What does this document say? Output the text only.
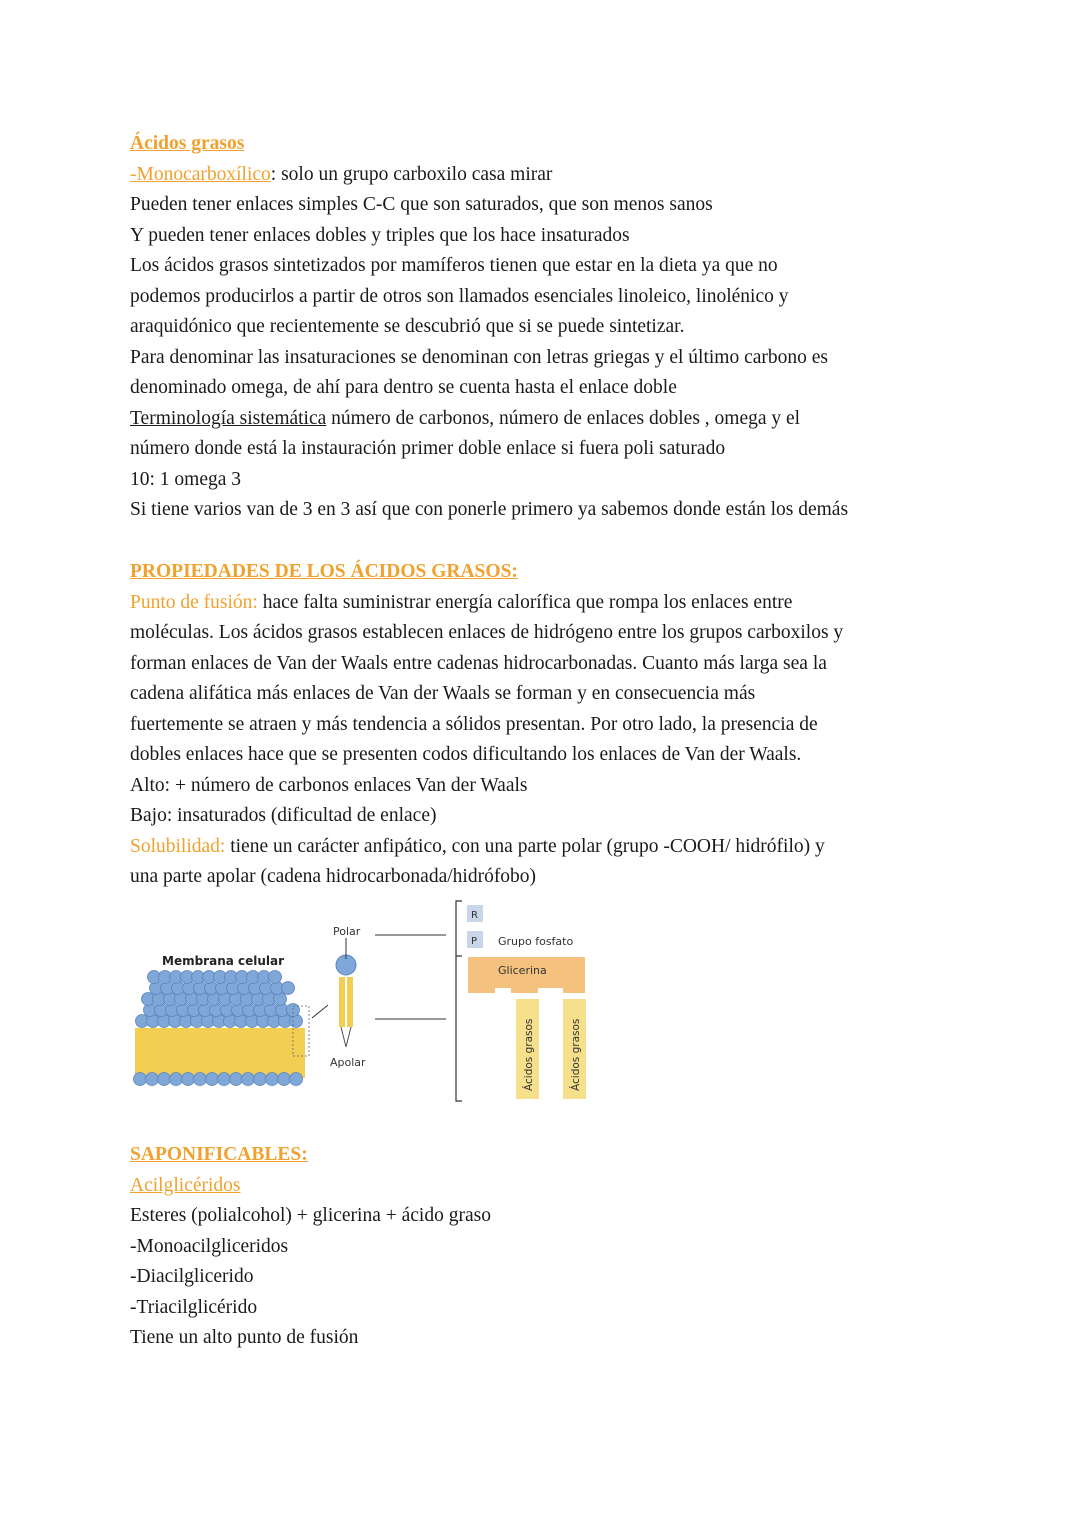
Ácidos grasos
-Monocarboxílico: solo un grupo carboxilo casa mirar
Pueden tener enlaces simples C-C que son saturados, que son menos sanos
Y pueden tener enlaces dobles y triples que los hace insaturados
Los ácidos grasos sintetizados por mamíferos tienen que estar en la dieta ya que no
podemos producirlos a partir de otros son llamados esenciales linoleico, linolénico y
araquidónico que recientemente se descubrió que si se puede sintetizar.
Para denominar las insaturaciones se denominan con letras griegas y el último carbono es
denominado omega, de ahí para dentro se cuenta hasta el enlace doble
Terminología sistemática número de carbonos, número de enlaces dobles , omega y el
número donde está la instauración primer doble enlace si fuera poli saturado
10: 1 omega 3
Si tiene varios van de 3 en 3 así que con ponerle primero ya sabemos donde están los demás
PROPIEDADES DE LOS ÁCIDOS GRASOS:
Punto de fusión: hace falta suministrar energía calorífica que rompa los enlaces entre
moléculas. Los ácidos grasos establecen enlaces de hidrógeno entre los grupos carboxilos y
forman enlaces de Van der Waals entre cadenas hidrocarbonadas. Cuanto más larga sea la
cadena alifática más enlaces de Van der Waals se forman y en consecuencia más
fuertemente se atraen y más tendencia a sólidos presentan. Por otro lado, la presencia de
dobles enlaces hace que se presenten codos dificultando los enlaces de Van der Waals.
Alto: + número de carbonos enlaces Van der Waals
Bajo: insaturados (dificultad de enlace)
Solubilidad: tiene un carácter anfipático, con una parte polar (grupo -COOH/ hidrófilo) y
una parte apolar (cadena hidrocarbonada/hidrófobo)
Membrana celular
Polar
Apolar
R
P Grupo fosfato
Glicerina
Ácidos grasos	Ácidos grasos
SAPONIFICABLES:
Acilglicéridos
Esteres (polialcohol) + glicerina + ácido graso
-Monoacilgliceridos
-Diacilglicerido
-Triacilglicérido
Tiene un alto punto de fusión
